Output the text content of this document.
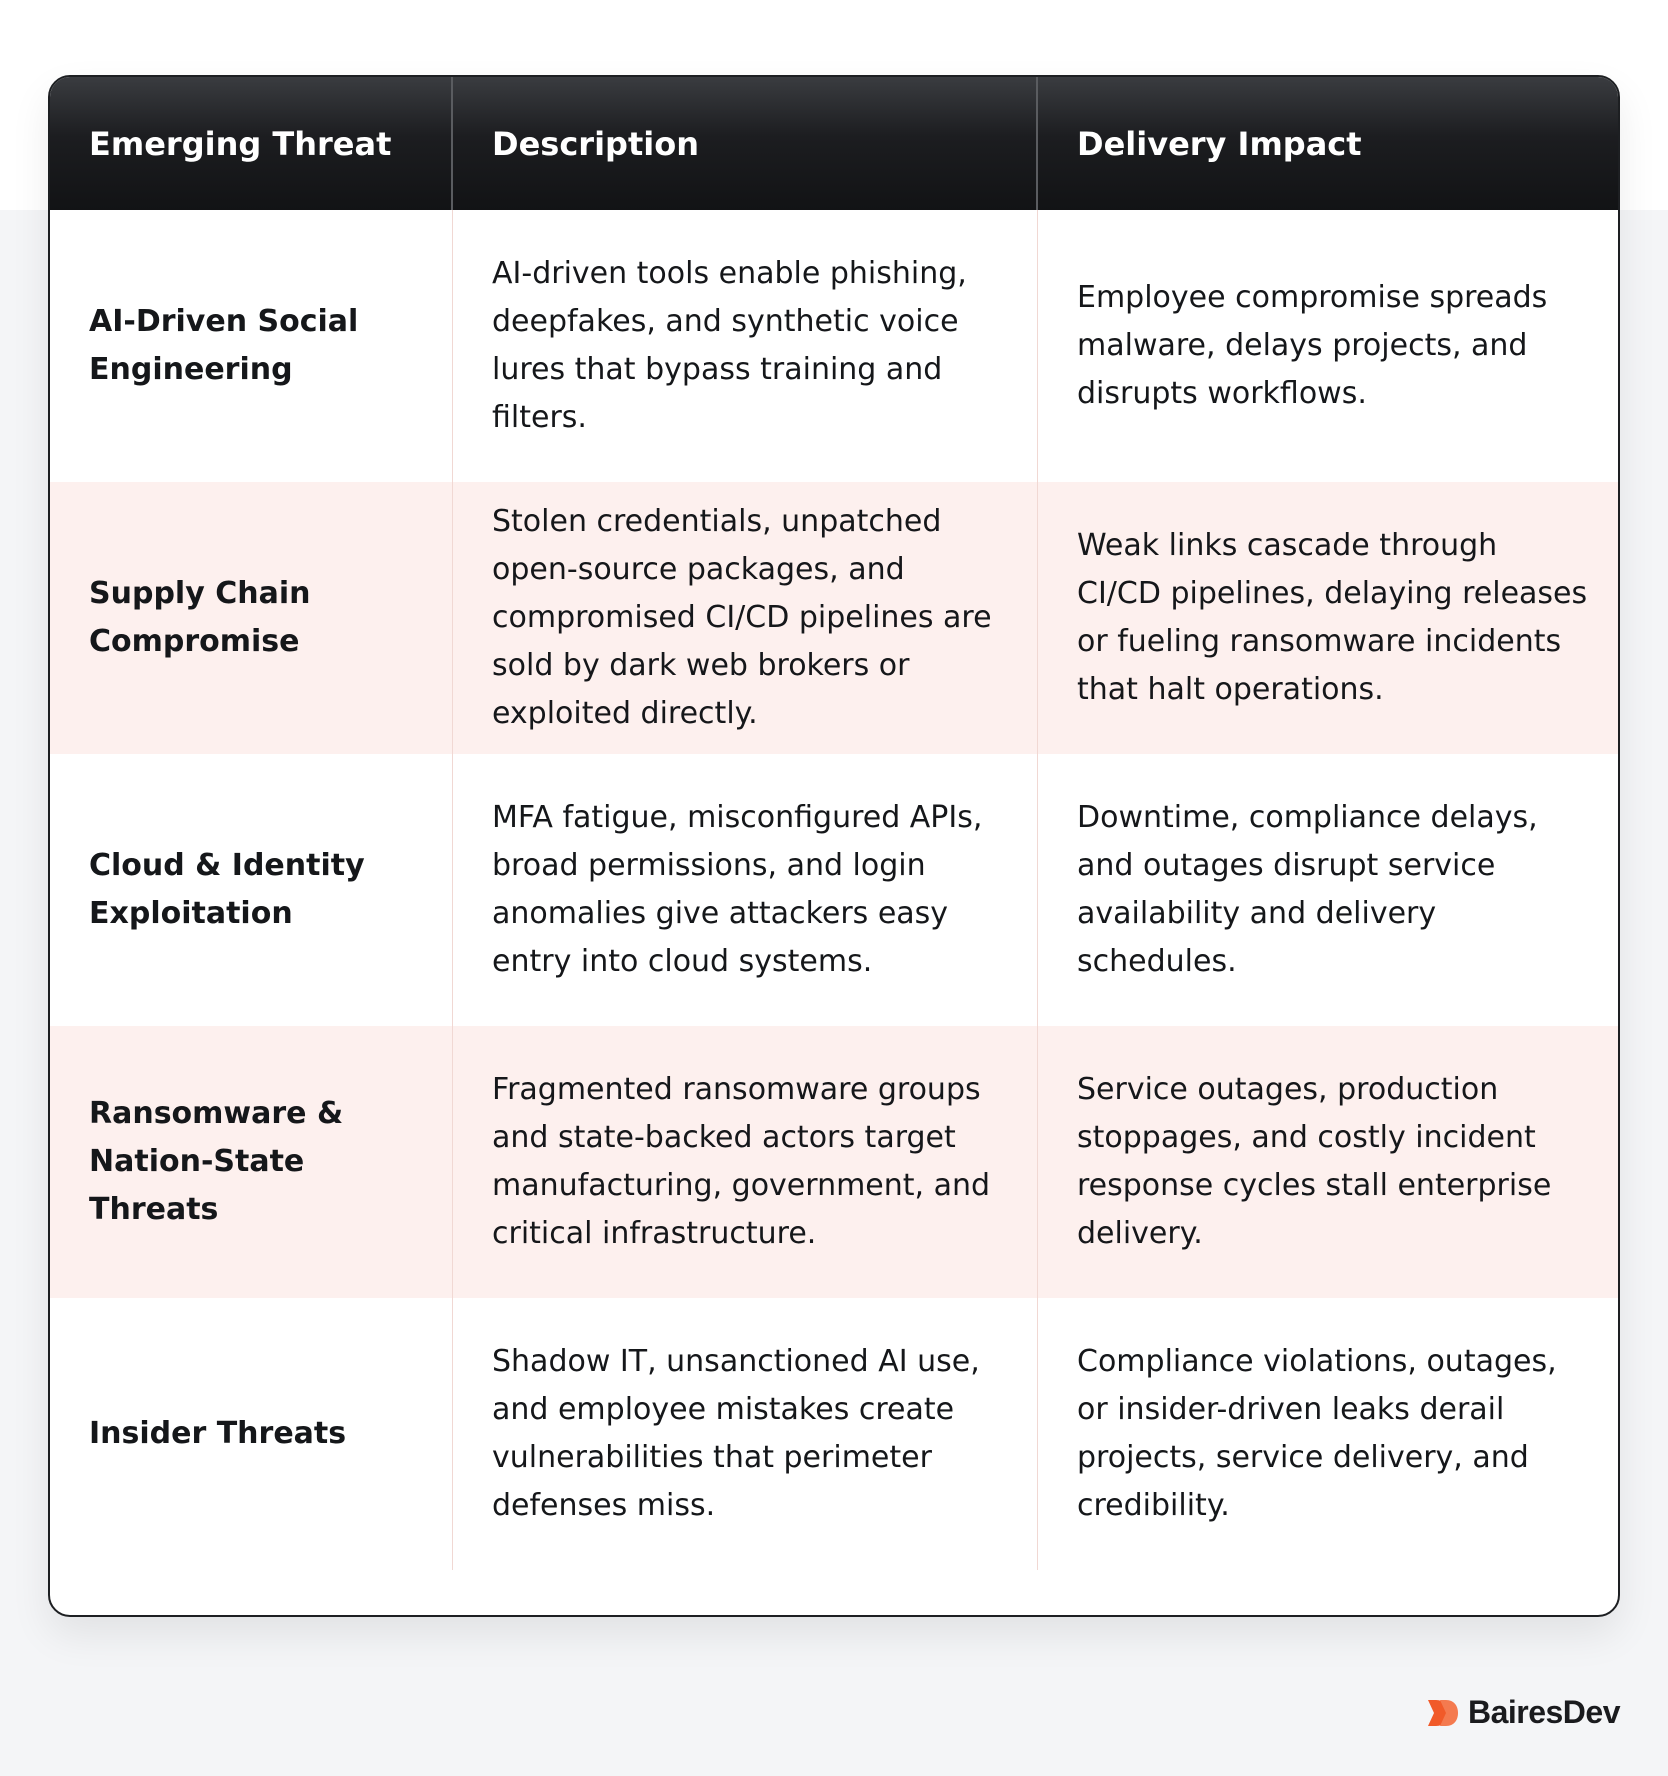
Emerging Threat	Description	Delivery Impact
AI-Driven Social Engineering
AI-driven tools enable phishing, deepfakes, and synthetic voice lures that bypass training and filters.
Employee compromise spreads malware, delays projects, and disrupts workflows.
Supply Chain Compromise
Stolen credentials, unpatched open-source packages, and compromised CI/CD pipelines are sold by dark web brokers or exploited directly.
Weak links cascade through CI/CD pipelines, delaying releases or fueling ransomware incidents that halt operations.
Cloud & Identity Exploitation
MFA fatigue, misconfigured APIs, broad permissions, and login anomalies give attackers easy entry into cloud systems.
Downtime, compliance delays, and outages disrupt service availability and delivery schedules.
Ransomware & Nation-State Threats
Fragmented ransomware groups and state-backed actors target manufacturing, government, and critical infrastructure.
Service outages, production stoppages, and costly incident response cycles stall enterprise delivery.
Insider Threats
Shadow IT, unsanctioned AI use, and employee mistakes create vulnerabilities that perimeter defenses miss.
Compliance violations, outages, or insider-driven leaks derail projects, service delivery, and credibility.
BairesDev
